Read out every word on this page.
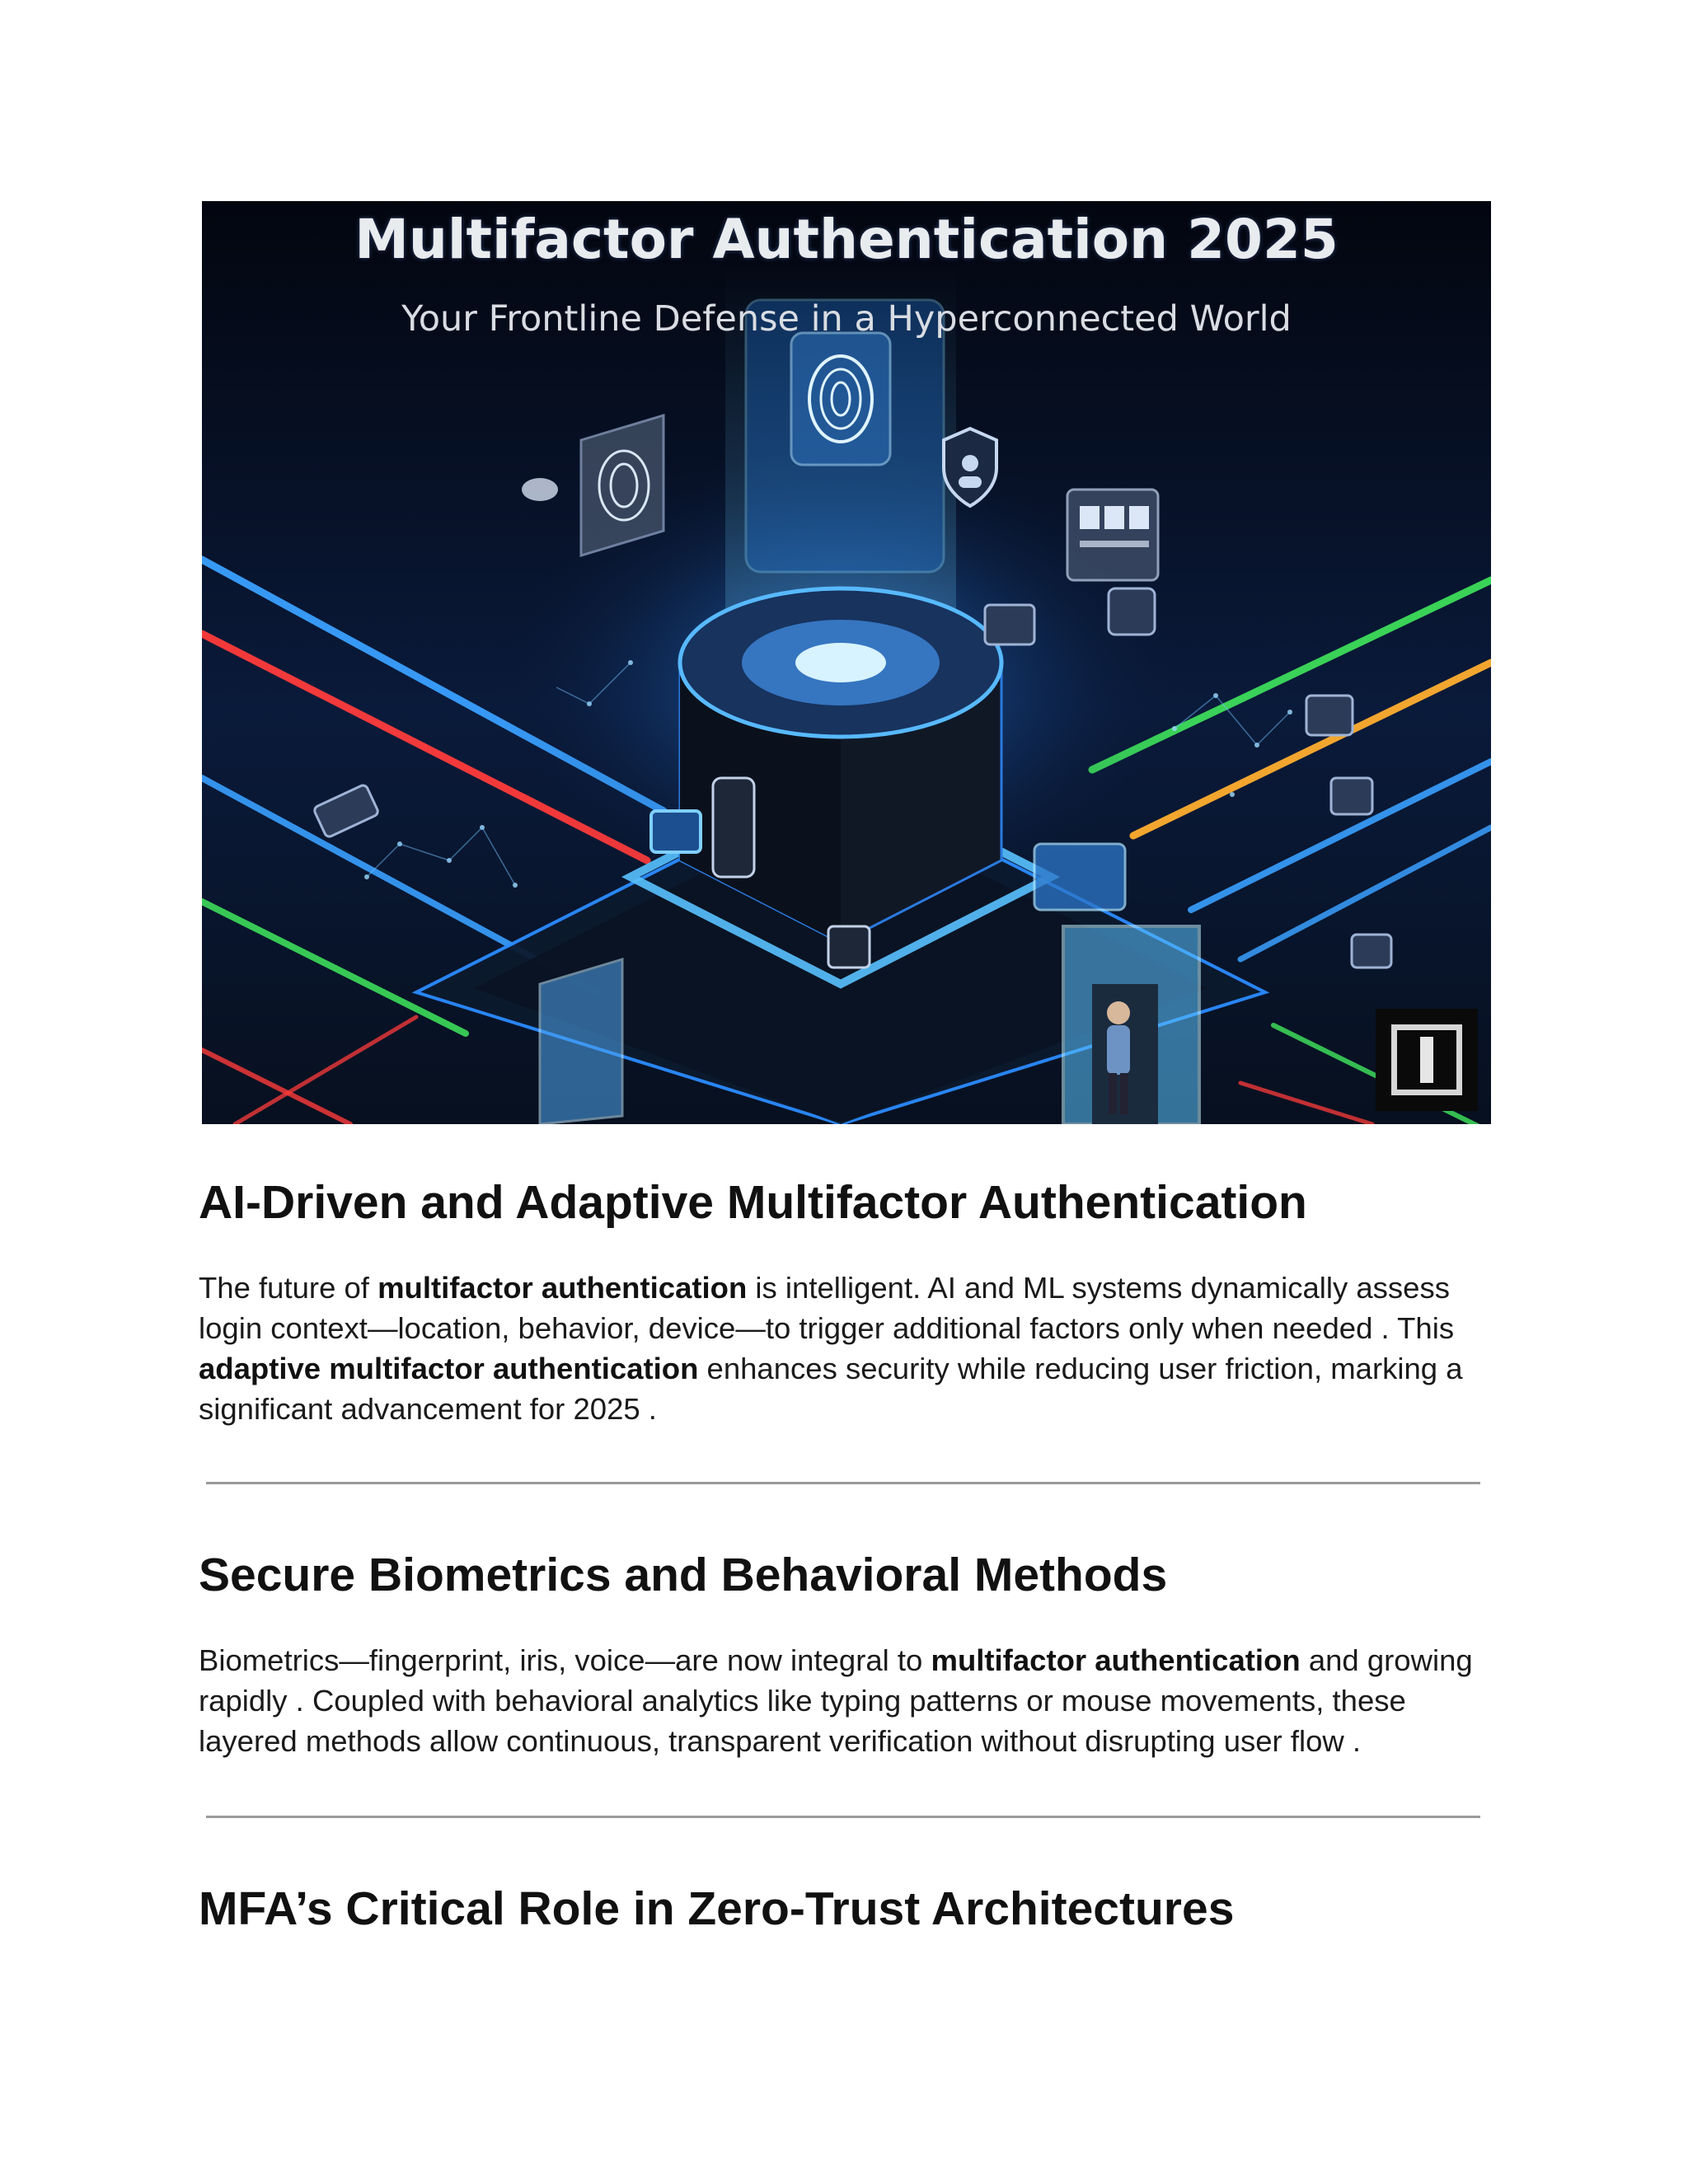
Multifactor Authentication 2025
Your Frontline Defense in a Hyperconnected World
AI-Driven and Adaptive Multifactor Authentication

The future of multifactor authentication is intelligent. AI and ML systems dynamically assess login context—location, behavior, device—to trigger additional factors only when needed . This adaptive multifactor authentication enhances security while reducing user friction, marking a significant advancement for 2025 .

Secure Biometrics and Behavioral Methods

Biometrics—fingerprint, iris, voice—are now integral to multifactor authentication and growing rapidly . Coupled with behavioral analytics like typing patterns or mouse movements, these layered methods allow continuous, transparent verification without disrupting user flow .

MFA’s Critical Role in Zero-Trust Architectures
